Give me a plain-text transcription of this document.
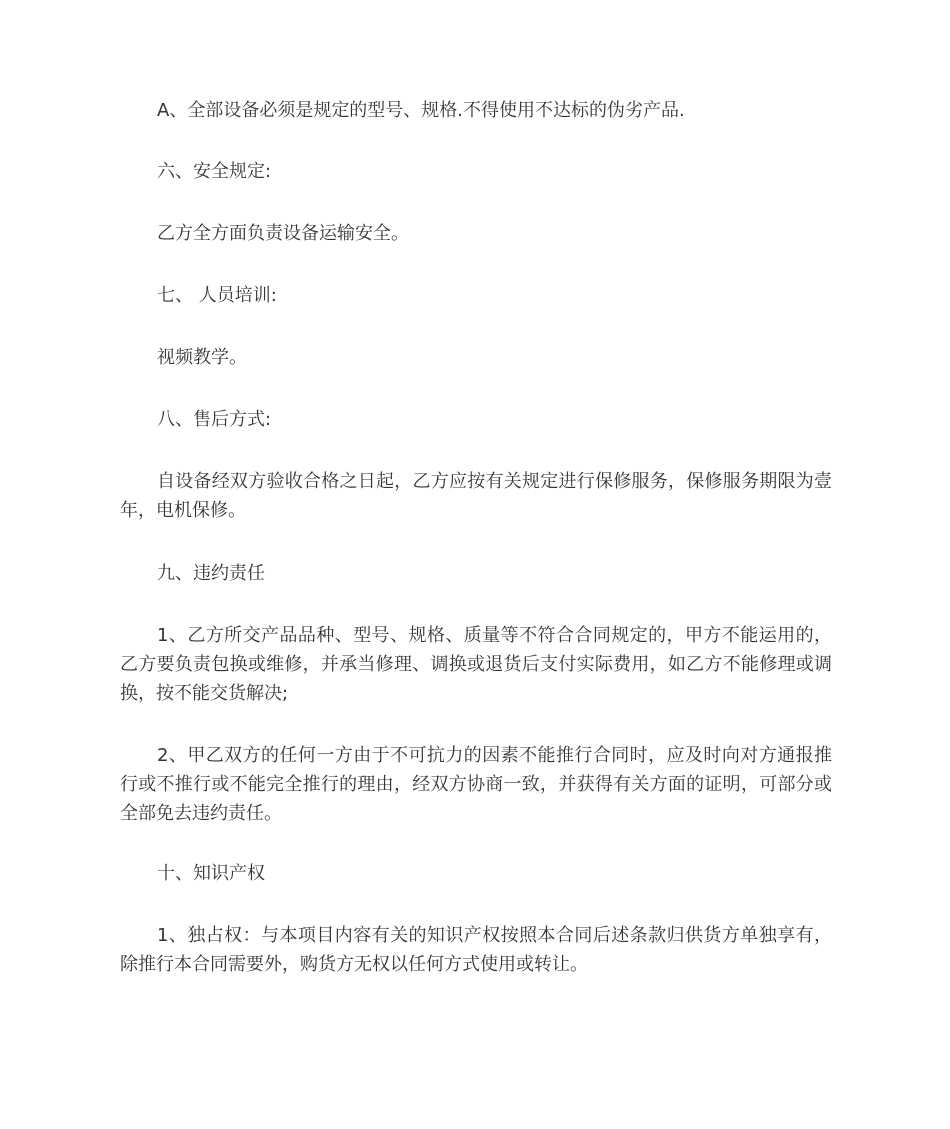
A、全部设备必须是规定的型号、规格.不得使用不达标的伪劣产品.

六、安全规定:

乙方全方面负责设备运输安全。

七、 人员培训:

视频教学。

八、售后方式:

自设备经双方验收合格之日起，乙方应按有关规定进行保修服务，保修服务期限为壹年，电机保修。

九、违约责任

1、乙方所交产品品种、型号、规格、质量等不符合合同规定的，甲方不能运用的，乙方要负责包换或维修，并承当修理、调换或退货后支付实际费用，如乙方不能修理或调换，按不能交货解决;

2、甲乙双方的任何一方由于不可抗力的因素不能推行合同时，应及时向对方通报推行或不推行或不能完全推行的理由，经双方协商一致，并获得有关方面的证明，可部分或全部免去违约责任。

十、知识产权

1、独占权：与本项目内容有关的知识产权按照本合同后述条款归供货方单独享有，除推行本合同需要外，购货方无权以任何方式使用或转让。
